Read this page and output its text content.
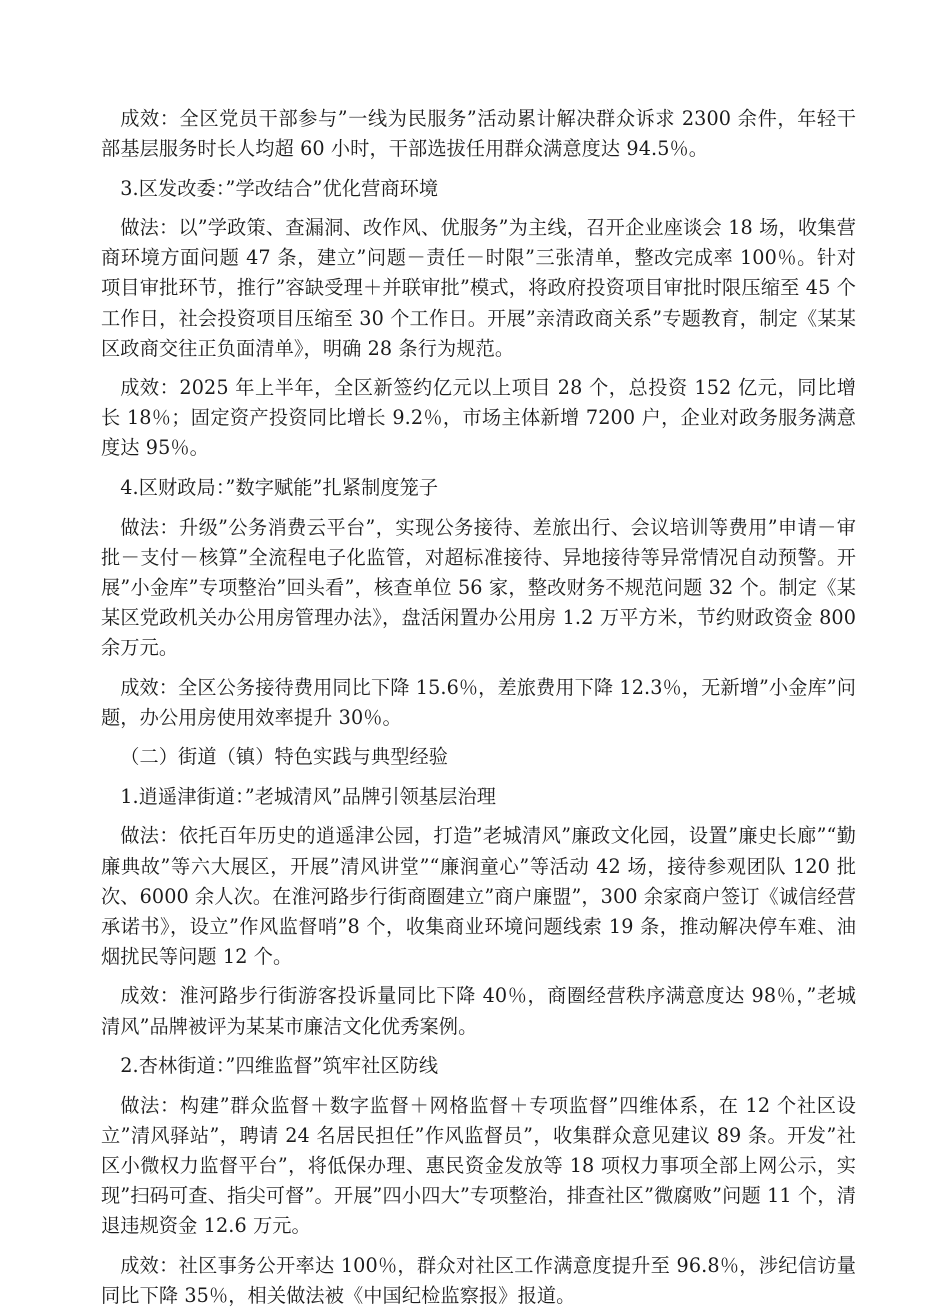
成效：全区党员干部参与”一线为民服务”活动累计解决群众诉求 2300 余件，年轻干部基层服务时长人均超 60 小时，干部选拔任用群众满意度达 94.5％。

3.区发改委：”学改结合”优化营商环境

做法：以”学政策、查漏洞、改作风、优服务”为主线，召开企业座谈会 18 场，收集营商环境方面问题 47 条，建立”问题－责任－时限”三张清单，整改完成率 100％。针对项目审批环节，推行”容缺受理＋并联审批”模式，将政府投资项目审批时限压缩至 45 个工作日，社会投资项目压缩至 30 个工作日。开展”亲清政商关系”专题教育，制定《某某区政商交往正负面清单》，明确 28 条行为规范。

成效：2025 年上半年，全区新签约亿元以上项目 28 个，总投资 152 亿元，同比增长 18％；固定资产投资同比增长 9.2％，市场主体新增 7200 户，企业对政务服务满意度达 95％。

4.区财政局：”数字赋能”扎紧制度笼子

做法：升级”公务消费云平台”，实现公务接待、差旅出行、会议培训等费用”申请－审批－支付－核算”全流程电子化监管，对超标准接待、异地接待等异常情况自动预警。开展”小金库”专项整治”回头看”，核查单位 56 家，整改财务不规范问题 32 个。制定《某某区党政机关办公用房管理办法》，盘活闲置办公用房 1.2 万平方米，节约财政资金 800 余万元。

成效：全区公务接待费用同比下降 15.6％，差旅费用下降 12.3％，无新增”小金库”问题，办公用房使用效率提升 30％。

（二）街道（镇）特色实践与典型经验

1.逍遥津街道：”老城清风”品牌引领基层治理

做法：依托百年历史的逍遥津公园，打造”老城清风”廉政文化园，设置”廉史长廊”“勤廉典故”等六大展区，开展”清风讲堂”“廉润童心”等活动 42 场，接待参观团队 120 批次、6000 余人次。在淮河路步行街商圈建立”商户廉盟”，300 余家商户签订《诚信经营承诺书》，设立”作风监督哨”8 个，收集商业环境问题线索 19 条，推动解决停车难、油烟扰民等问题 12 个。

成效：淮河路步行街游客投诉量同比下降 40％，商圈经营秩序满意度达 98％，”老城清风”品牌被评为某某市廉洁文化优秀案例。

2.杏林街道：”四维监督”筑牢社区防线

做法：构建”群众监督＋数字监督＋网格监督＋专项监督”四维体系，在 12 个社区设立”清风驿站”，聘请 24 名居民担任”作风监督员”，收集群众意见建议 89 条。开发”社区小微权力监督平台”，将低保办理、惠民资金发放等 18 项权力事项全部上网公示，实现”扫码可查、指尖可督”。开展”四小四大”专项整治，排查社区”微腐败”问题 11 个，清退违规资金 12.6 万元。

成效：社区事务公开率达 100％，群众对社区工作满意度提升至 96.8％，涉纪信访量同比下降 35％，相关做法被《中国纪检监察报》报道。
